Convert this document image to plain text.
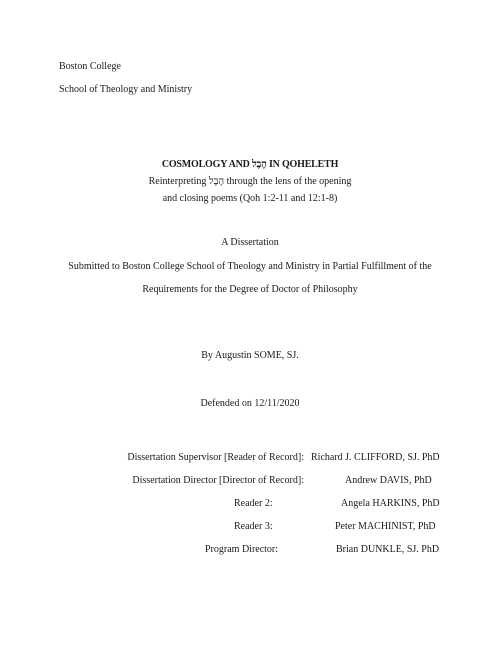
Boston College
School of Theology and Ministry
COSMOLOGY AND הֶבֶל IN QOHELETH
Reinterpreting הֶבֶל through the lens of the opening
and closing poems (Qoh 1:2-11 and 12:1-8)
A Dissertation
Submitted to Boston College School of Theology and Ministry in Partial Fulfillment of the
Requirements for the Degree of Doctor of Philosophy
By Augustin SOME, SJ.
Defended on 12/11/2020
Dissertation Supervisor [Reader of Record]: Richard J. CLIFFORD, SJ. PhD
Dissertation Director [Director of Record]:	Andrew DAVIS, PhD
Reader 2:	Angela HARKINS, PhD
Reader 3:	Peter MACHINIST, PhD
Program Director:	Brian DUNKLE, SJ. PhD
